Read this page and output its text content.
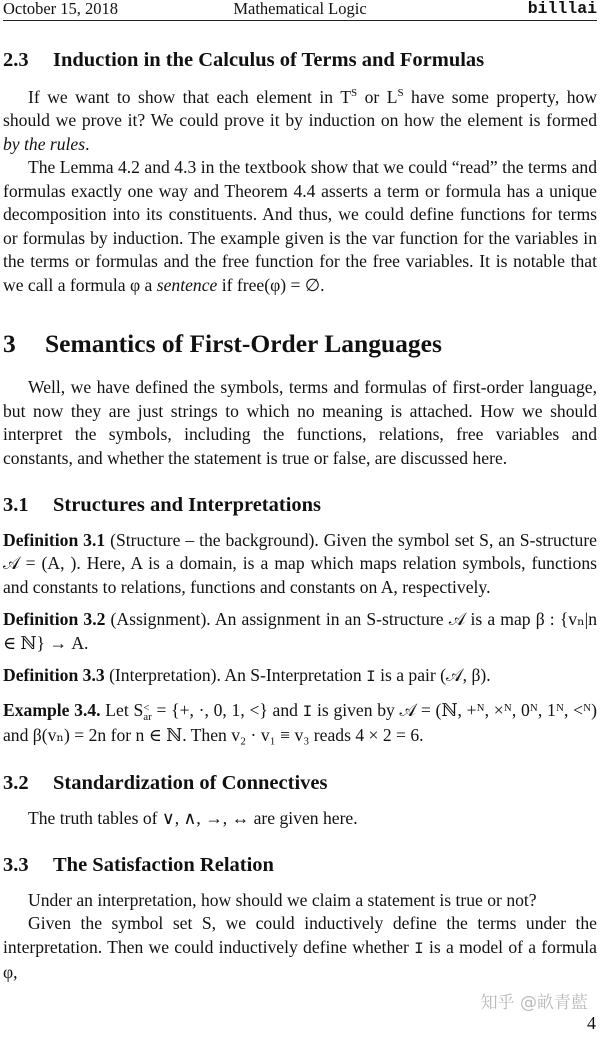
October 15, 2018	Mathematical Logic	billlai
2.3 Induction in the Calculus of Terms and Formulas

If we want to show that each element in $T^S$ or $L^S$ have some property, how should we prove it? We could prove it by induction on how the element is formed by the rules.

The Lemma 4.2 and 4.3 in the textbook show that we could “read” the terms and formulas exactly one way and Theorem 4.4 asserts a term or formula has a unique decomposition into its constituents. And thus, we could define functions for terms or formulas by induction. The example given is the var function for the variables in the terms or formulas and the free function for the free variables. It is notable that we call a formula φ a sentence if free(φ) = ∅.

3 Semantics of First-Order Languages

Well, we have defined the symbols, terms and formulas of first-order language, but now they are just strings to which no meaning is attached. How we should interpret the symbols, including the functions, relations, free variables and constants, and whether the statement is true or false, are discussed here.

3.1 Structures and Interpretations

Definition 3.1 (Structure – the background). Given the symbol set S, an S-structure 𝒜 = (A, ). Here, A is a domain, is a map which maps relation symbols, functions and constants to relations, functions and constants on A, respectively.

Definition 3.2 (Assignment). An assignment in an S-structure 𝒜 is a map β : {vₙ|n ∈ ℕ} → A.

Definition 3.3 (Interpretation). An S-Interpretation I is a pair (𝒜, β).

Example 3.4. Let S<
ar = {+, ·, 0, 1, <} and I is given by 𝒜 = (ℕ, +ᴺ, ×ᴺ, 0ᴺ, 1ᴺ, <ᴺ) and β(vₙ) = 2n for n ∈ ℕ. Then v₂ · v₁ ≡ v₃ reads 4 × 2 = 6.

3.2 Standardization of Connectives

The truth tables of ∨, ∧, →, ↔ are given here.

3.3 The Satisfaction Relation

Under an interpretation, how should we claim a statement is true or not?

Given the symbol set S, we could inductively define the terms under the interpretation. Then we could inductively define whether I is a model of a formula φ,

知乎 @畝青藍
4
